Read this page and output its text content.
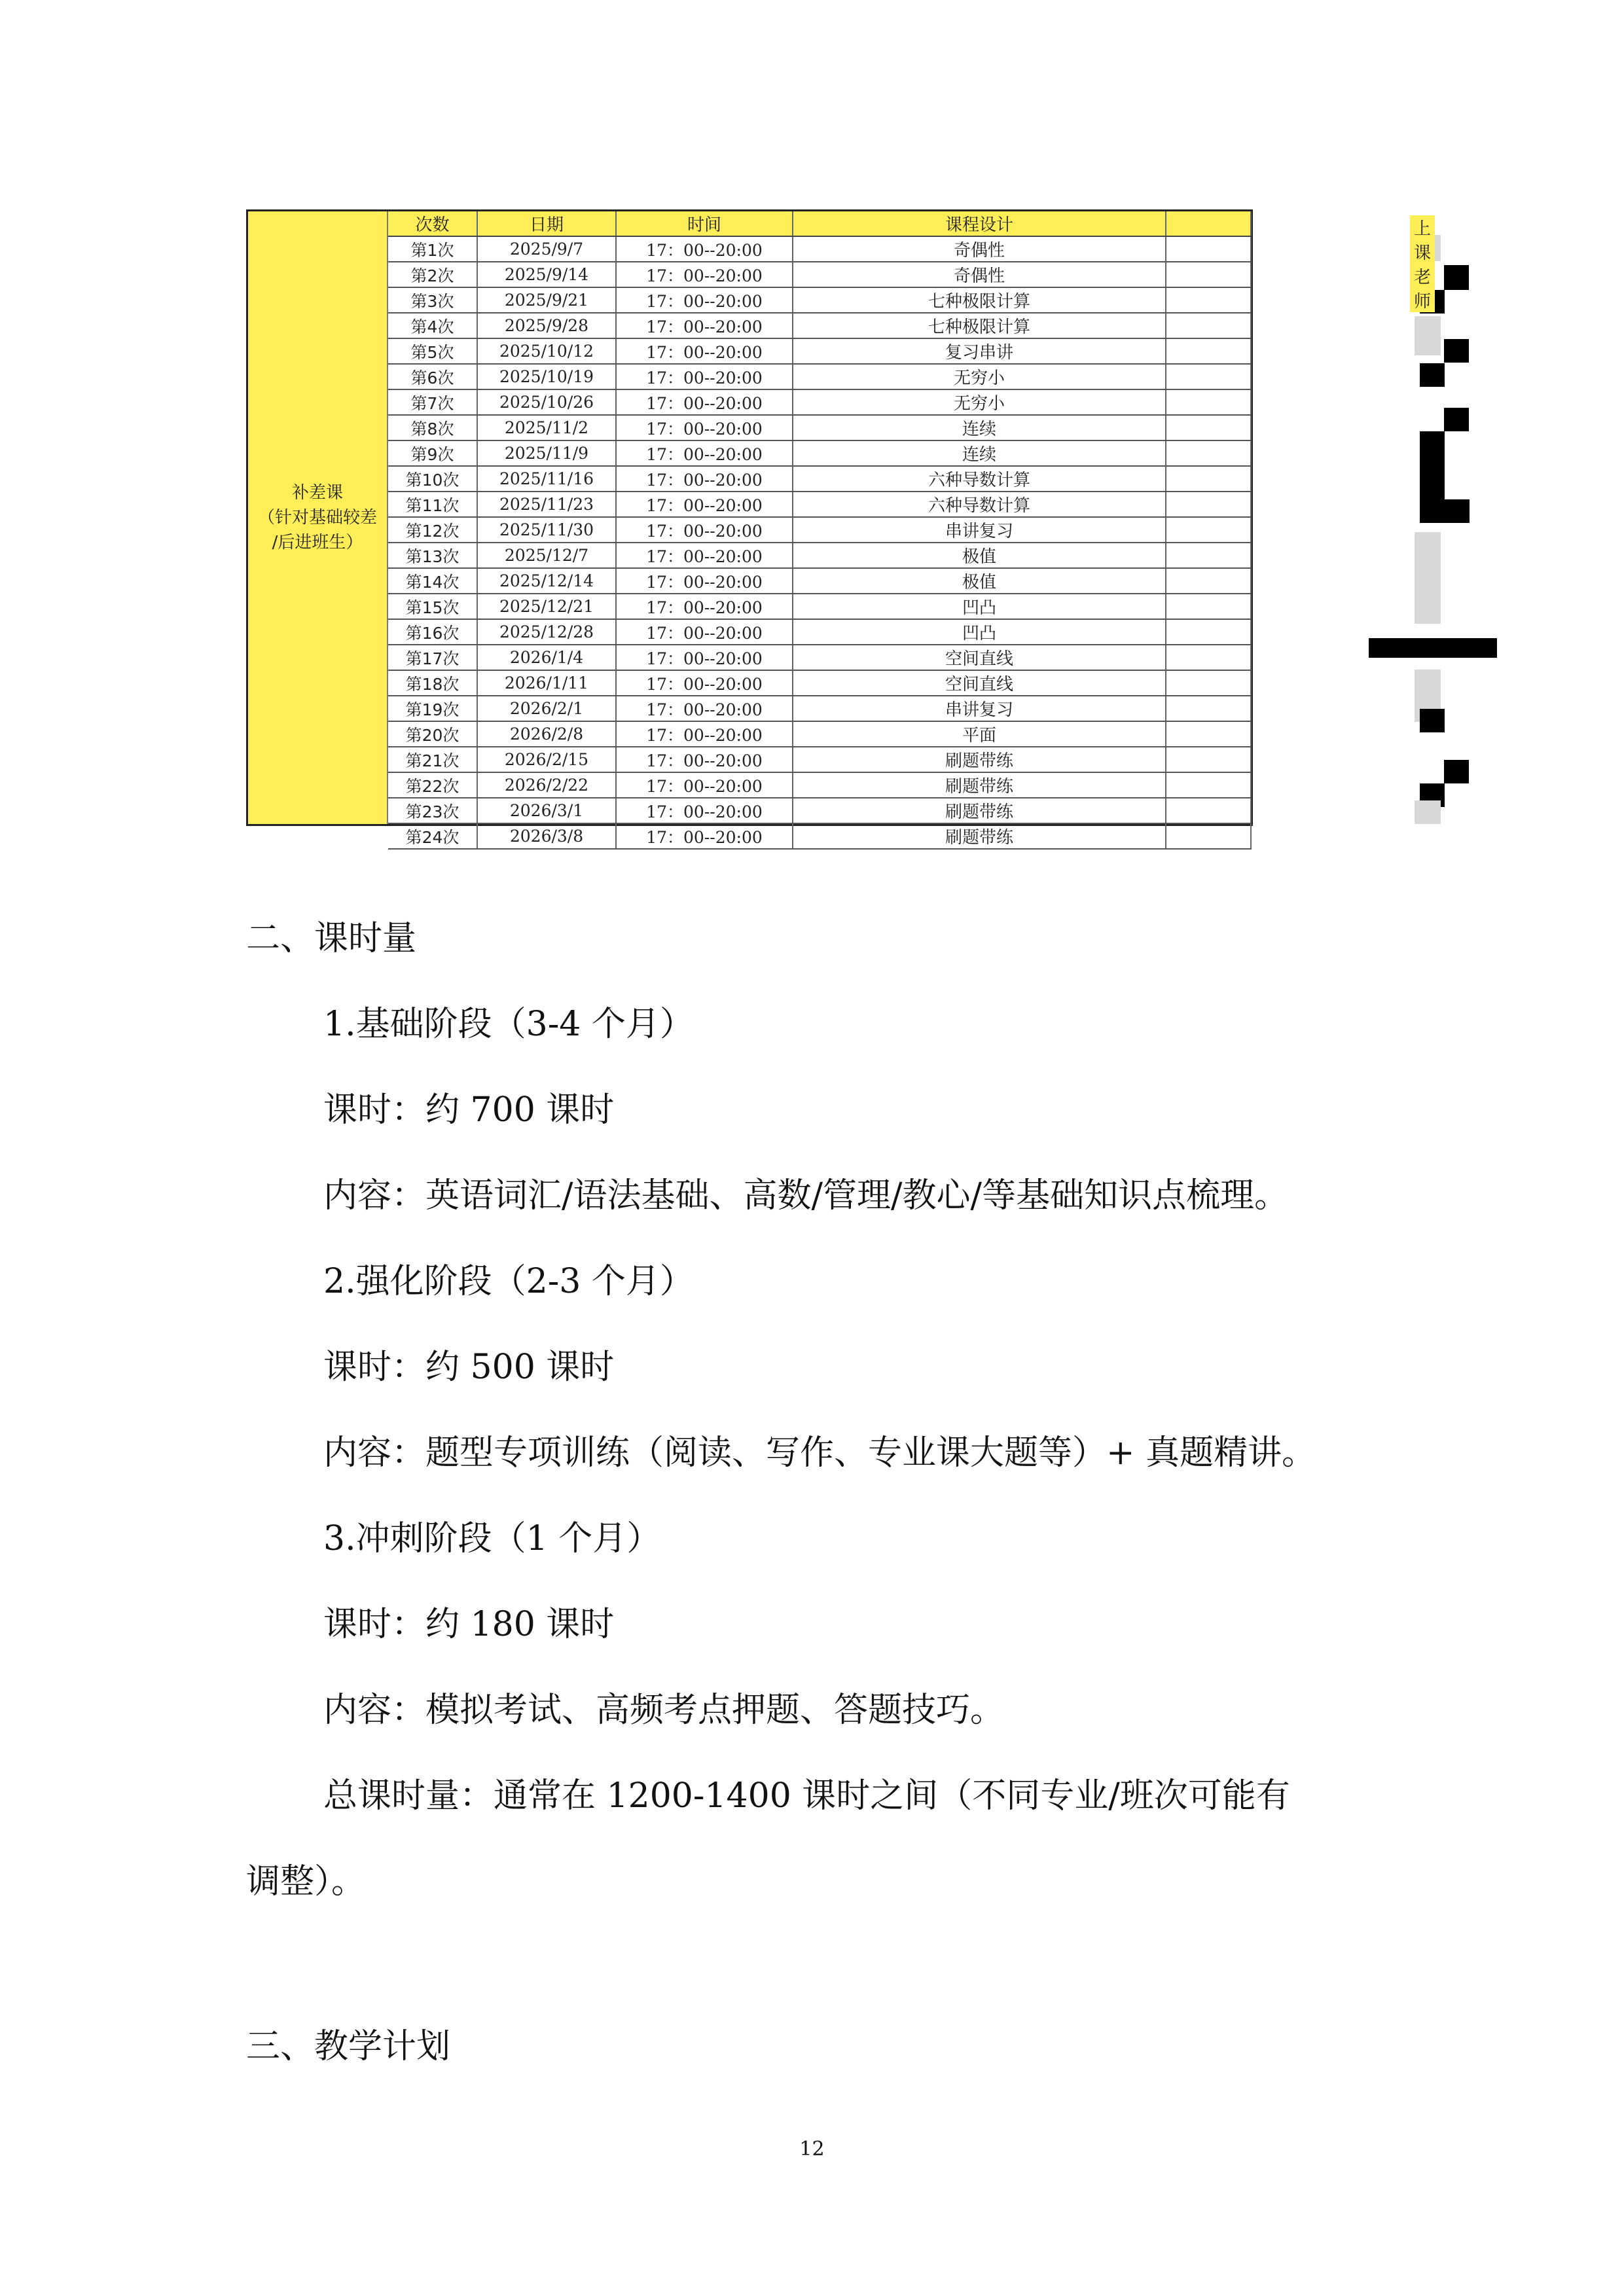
补差课
（针对基础较差
/后进班生）
次数	日期	时间	课程设计	
第1次	2025/9/7	17：00--20:00	奇偶性	
第2次	2025/9/14	17：00--20:00	奇偶性	
第3次	2025/9/21	17：00--20:00	七种极限计算	
第4次	2025/9/28	17：00--20:00	七种极限计算	
第5次	2025/10/12	17：00--20:00	复习串讲	
第6次	2025/10/19	17：00--20:00	无穷小	
第7次	2025/10/26	17：00--20:00	无穷小	
第8次	2025/11/2	17：00--20:00	连续	
第9次	2025/11/9	17：00--20:00	连续	
第10次	2025/11/16	17：00--20:00	六种导数计算	
第11次	2025/11/23	17：00--20:00	六种导数计算	
第12次	2025/11/30	17：00--20:00	串讲复习	
第13次	2025/12/7	17：00--20:00	极值	
第14次	2025/12/14	17：00--20:00	极值	
第15次	2025/12/21	17：00--20:00	凹凸	
第16次	2025/12/28	17：00--20:00	凹凸	
第17次	2026/1/4	17：00--20:00	空间直线	
第18次	2026/1/11	17：00--20:00	空间直线	
第19次	2026/2/1	17：00--20:00	串讲复习	
第20次	2026/2/8	17：00--20:00	平面	
第21次	2026/2/15	17：00--20:00	刷题带练	
第22次	2026/2/22	17：00--20:00	刷题带练	
第23次	2026/3/1	17：00--20:00	刷题带练	
第24次	2026/3/8	17：00--20:00	刷题带练	
上课老师
二、课时量
1.基础阶段（3-4 个月）
课时：约 700 课时
内容：英语词汇/语法基础、高数/管理/教心/等基础知识点梳理。
2.强化阶段（2-3 个月）
课时：约 500 课时
内容：题型专项训练（阅读、写作、专业课大题等）+ 真题精讲。
3.冲刺阶段（1 个月）
课时：约 180 课时
内容：模拟考试、高频考点押题、答题技巧。
总课时量：通常在 1200-1400 课时之间（不同专业/班次可能有
调整）。
三、教学计划
12
